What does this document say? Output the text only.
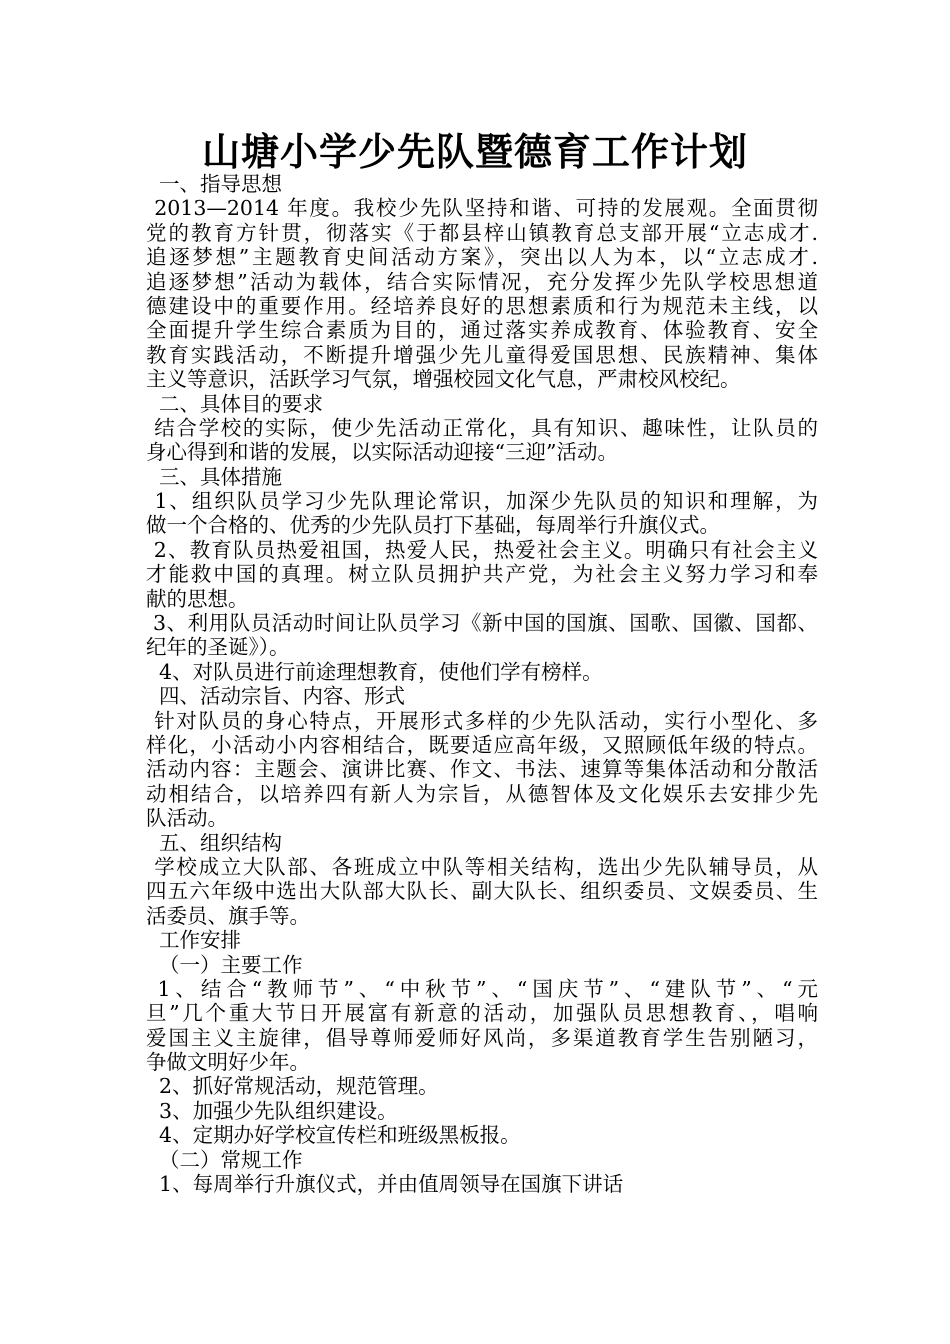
山塘小学少先队暨德育工作计划
一、指导思想
2013—2014 年度。我校少先队坚持和谐、可持的发展观。全面贯彻
党的教育方针贯，彻落实《于都县梓山镇教育总支部开展“立志成才.
追逐梦想”主题教育史间活动方案》，突出以人为本，以“立志成才.
追逐梦想”活动为载体，结合实际情况，充分发挥少先队学校思想道
德建设中的重要作用。经培养良好的思想素质和行为规范未主线，以
全面提升学生综合素质为目的，通过落实养成教育、体验教育、安全
教育实践活动，不断提升增强少先儿童得爱国思想、民族精神、集体
主义等意识，活跃学习气氛，增强校园文化气息，严肃校风校纪。
二、具体目的要求
结合学校的实际，使少先活动正常化，具有知识、趣味性，让队员的
身心得到和谐的发展，以实际活动迎接“三迎”活动。
三、具体措施
1、组织队员学习少先队理论常识，加深少先队员的知识和理解，为
做一个合格的、优秀的少先队员打下基础，每周举行升旗仪式。
2、教育队员热爱祖国，热爱人民，热爱社会主义。明确只有社会主义
才能救中国的真理。树立队员拥护共产党，为社会主义努力学习和奉
献的思想。
3、利用队员活动时间让队员学习《新中国的国旗、国歌、国徽、国都、
纪年的圣诞》）。
4、对队员进行前途理想教育，使他们学有榜样。
四、活动宗旨、内容、形式
针对队员的身心特点，开展形式多样的少先队活动，实行小型化、多
样化，小活动小内容相结合，既要适应高年级，又照顾低年级的特点。
活动内容：主题会、演讲比赛、作文、书法、速算等集体活动和分散活
动相结合，以培养四有新人为宗旨，从德智体及文化娱乐去安排少先
队活动。
五、组织结构
学校成立大队部、各班成立中队等相关结构，选出少先队辅导员，从
四五六年级中选出大队部大队长、副大队长、组织委员、文娱委员、生
活委员、旗手等。
工作安排
（一）主要工作
1、结合“教师节”、“中秋节”、“国庆节”、“建队节”、“元
旦”几个重大节日开展富有新意的活动，加强队员思想教育、，唱响
爱国主义主旋律，倡导尊师爱师好风尚，多渠道教育学生告别陋习，
争做文明好少年。
2、抓好常规活动，规范管理。
3、加强少先队组织建设。
4、定期办好学校宣传栏和班级黑板报。
（二）常规工作
1、每周举行升旗仪式，并由值周领导在国旗下讲话
